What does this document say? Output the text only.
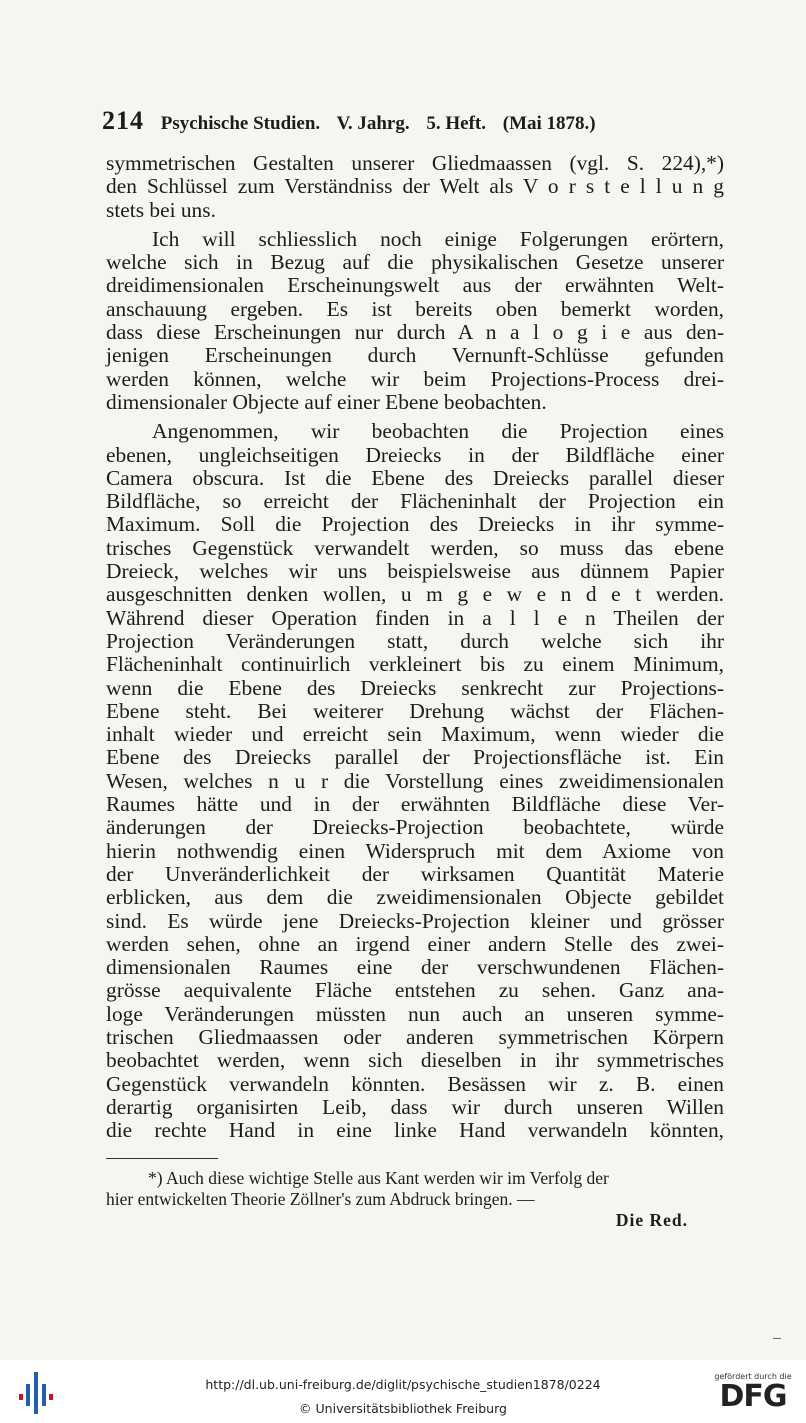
214 Psychische Studien. V. Jahrg. 5. Heft. (Mai 1878.)
symmetrischen Gestalten unserer Gliedmaassen (vgl. S. 224),*)
den Schlüssel zum Verständniss der Welt als V o r s t e l l u n g
stets bei uns.
Ich will schliesslich noch einige Folgerungen erörtern,
welche sich in Bezug auf die physikalischen Gesetze unserer
dreidimensionalen Erscheinungswelt aus der erwähnten Welt-
anschauung ergeben. Es ist bereits oben bemerkt worden,
dass diese Erscheinungen nur durch A n a l o g i e aus den-
jenigen Erscheinungen durch Vernunft-Schlüsse gefunden
werden können, welche wir beim Projections-Process drei-
dimensionaler Objecte auf einer Ebene beobachten.
Angenommen, wir beobachten die Projection eines
ebenen, ungleichseitigen Dreiecks in der Bildfläche einer
Camera obscura. Ist die Ebene des Dreiecks parallel dieser
Bildfläche, so erreicht der Flächeninhalt der Projection ein
Maximum. Soll die Projection des Dreiecks in ihr symme-
trisches Gegenstück verwandelt werden, so muss das ebene
Dreieck, welches wir uns beispielsweise aus dünnem Papier
ausgeschnitten denken wollen, u m g e w e n d e t werden.
Während dieser Operation finden in a l l e n Theilen der
Projection Veränderungen statt, durch welche sich ihr
Flächeninhalt continuirlich verkleinert bis zu einem Minimum,
wenn die Ebene des Dreiecks senkrecht zur Projections-
Ebene steht. Bei weiterer Drehung wächst der Flächen-
inhalt wieder und erreicht sein Maximum, wenn wieder die
Ebene des Dreiecks parallel der Projectionsfläche ist. Ein
Wesen, welches n u r die Vorstellung eines zweidimensionalen
Raumes hätte und in der erwähnten Bildfläche diese Ver-
änderungen der Dreiecks-Projection beobachtete, würde
hierin nothwendig einen Widerspruch mit dem Axiome von
der Unveränderlichkeit der wirksamen Quantität Materie
erblicken, aus dem die zweidimensionalen Objecte gebildet
sind. Es würde jene Dreiecks-Projection kleiner und grösser
werden sehen, ohne an irgend einer andern Stelle des zwei-
dimensionalen Raumes eine der verschwundenen Flächen-
grösse aequivalente Fläche entstehen zu sehen. Ganz ana-
loge Veränderungen müssten nun auch an unseren symme-
trischen Gliedmaassen oder anderen symmetrischen Körpern
beobachtet werden, wenn sich dieselben in ihr symmetrisches
Gegenstück verwandeln könnten. Besässen wir z. B. einen
derartig organisirten Leib, dass wir durch unseren Willen
die rechte Hand in eine linke Hand verwandeln könnten,
*) Auch diese wichtige Stelle aus Kant werden wir im Verfolg der
hier entwickelten Theorie Zöllner's zum Abdruck bringen. —
Die Red.
http://dl.ub.uni-freiburg.de/diglit/psychische_studien1878/0224
© Universitätsbibliothek Freiburg
gefördert durch die
DFG
